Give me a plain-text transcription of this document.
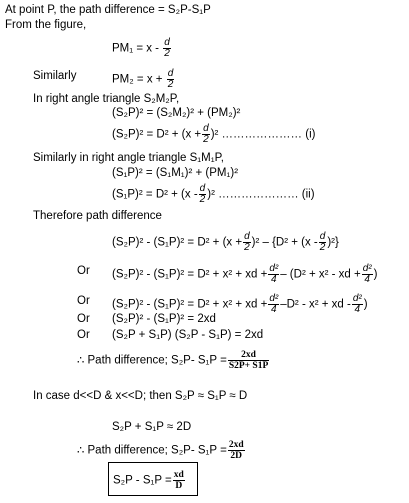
At point P, the path difference = S₂P-S₁P
From the figure,
$PM_1 = x - \frac{d}{2}$
Similarly	$PM_2 = x + \frac{d}{2}$
In right angle triangle S₂M₂P,
(S₂P)² = (S₂M₂)² + (PM₂)²
$(S_2P)^2 = D^2 + (x + \frac{d}{2} )^2$ ………………… (i)
Similarly in right angle triangle S₁M₁P,
(S₁P)² = (S₁M₁)² + (PM₁)²
$(S_1P)^2 = D^2 + (x - \frac{d}{2} )^2$ ………………… (ii)
Therefore path difference
$(S_2P)^2 - (S_1P)^2 = D^2 + (x + \frac{d}{2} )^2 - \{D^2 + (x - \frac{d}{2} )^2\}$
Or (S₂P)² - (S₁P)² = D² + x² + xd + $\frac{\text{d²}}{4} - (D^2 + x^2$ - xd + $\frac{\text{d²}}{4}$ )
Or (S₂P)² - (S₁P)² = D² + x² + xd + $\frac{\text{d²}}{4} -D^2 - x^2$ + xd - $\frac{\text{d²}}{4}$ )
Or (S₂P)² - (S₁P)² = 2xd
Or (S₂P + S₁P) (S₂P - S₁P) = 2xd
∴ Path difference; S₂P- $S_1P = \frac{2xd}{S2P+ S1P}$
In case d<<D & x<<D; then S₂P ≈ S₁P ≈ D
S₂P + S₁P ≈ 2D
∴ Path difference; S₂P- $S_1P = \frac{2xd}{2D}$
$S_2P - S_1P = \frac{xd}{D}$
